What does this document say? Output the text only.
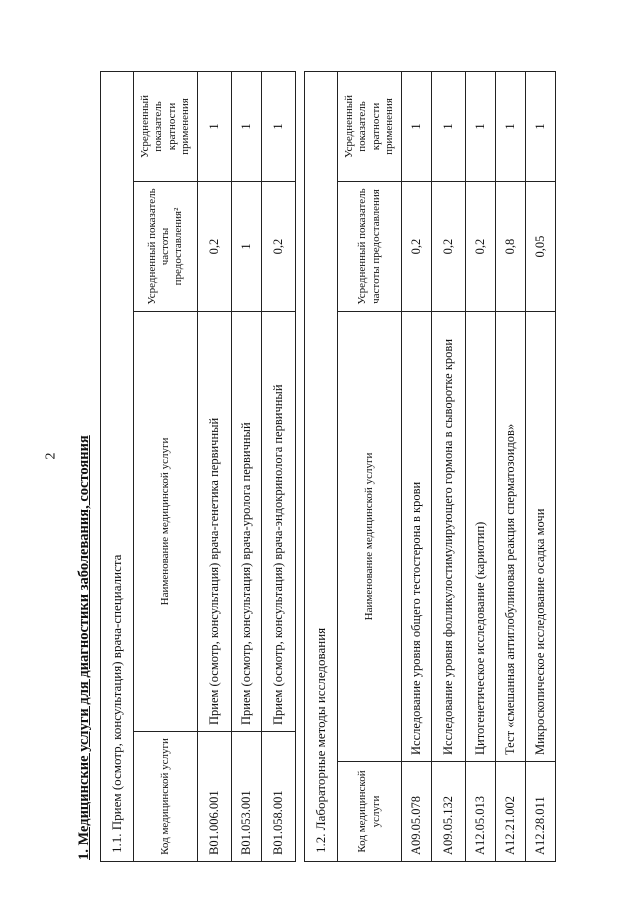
2 1. Медицинские услуги для диагностики заболевания, состояния 1.1. Прием (осмотр, консультация) врача-специалиста			
Код медицинской услуги	Наименование медицинской услуги	Усредненный показатель частоты предоставления²	Усредненный показатель кратности применения
B01.006.001	Прием (осмотр, консультация) врача-генетика первичный	0,2	1
B01.053.001	Прием (осмотр, консультация) врача-уролога первичный	1	1
B01.058.001	Прием (осмотр, консультация) врача-эндокринолога первичный	0,2	1
1.2. Лабораторные методы исследования			
Код медицинской услуги	Наименование медицинской услуги	Усредненный показатель частоты предоставления	Усредненный показатель кратности применения
A09.05.078	Исследование уровня общего тестостерона в крови	0,2	1
A09.05.132	Исследование уровня фолликулостимулирующего гормона в сыворотке крови	0,2	1
A12.05.013	Цитогенетическое исследование (кариотип)	0,2	1
A12.21.002	Тест «смешанная антиглобулиновая реакция сперматозоидов»	0,8	1
A12.28.011	Микроскопическое исследование осадка мочи	0,05	1
